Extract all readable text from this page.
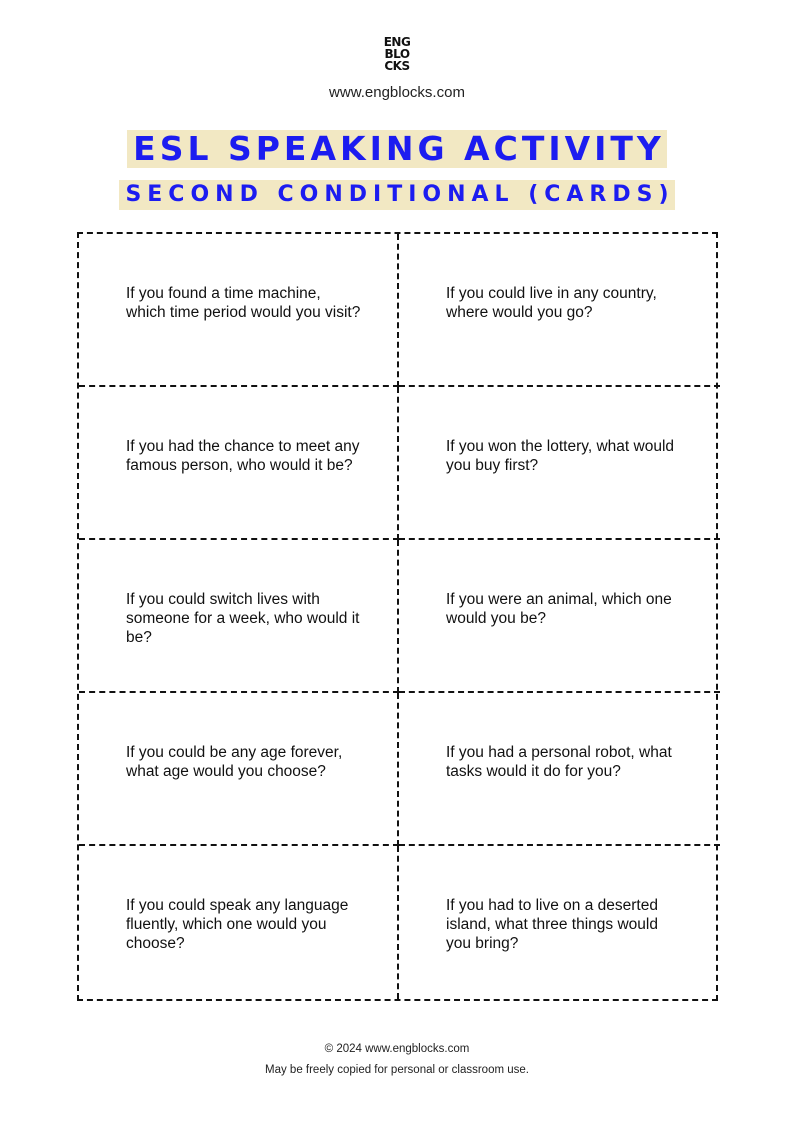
ENG
BLO
CKS
www.engblocks.com
ESL SPEAKING ACTIVITY
SECOND CONDITIONAL (CARDS)
If you found a time machine, which time period would you visit?
If you could live in any country, where would you go?
If you had the chance to meet any famous person, who would it be?
If you won the lottery, what would you buy first?
If you could switch lives with someone for a week, who would it be?
If you were an animal, which one would you be?
If you could be any age forever, what age would you choose?
If you had a personal robot, what tasks would it do for you?
If you could speak any language fluently, which one would you choose?
If you had to live on a deserted island, what three things would you bring?
© 2024 www.engblocks.com
May be freely copied for personal or classroom use.
